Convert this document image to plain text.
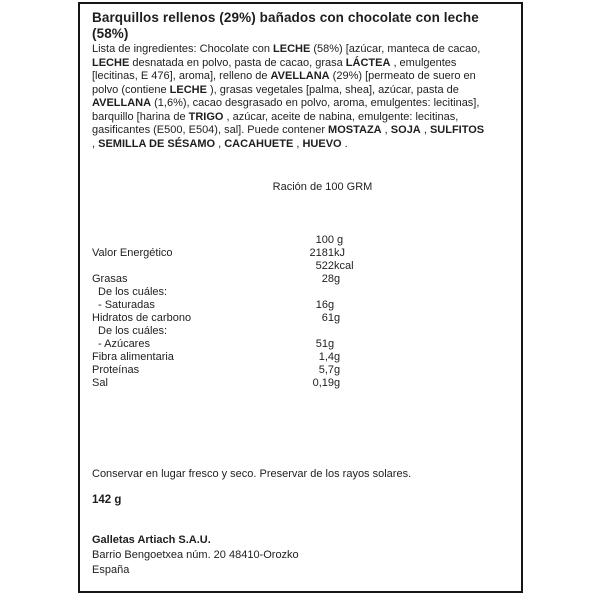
Barquillos rellenos (29%) bañados con chocolate con leche (58%)
Lista de ingredientes: Chocolate con LECHE (58%) [azúcar, manteca de cacao, LECHE desnatada en polvo, pasta de cacao, grasa LÁCTEA , emulgentes [lecitinas, E 476], aroma], relleno de AVELLANA (29%) [permeato de suero en polvo (contiene LECHE ), grasas vegetales [palma, shea], azúcar, pasta de AVELLANA (1,6%), cacao desgrasado en polvo, aroma, emulgentes: lecitinas], barquillo [harina de TRIGO , azúcar, aceite de nabina, emulgente: lecitinas, gasificantes (E500, E504), sal]. Puede contener MOSTAZA , SOJA , SULFITOS , SEMILLA DE SÉSAMO , CACAHUETE , HUEVO .
Ración de 100 GRM
100 g
Valor Energético	2181 kJ
522 kcal
Grasas	28 g
De los cuáles:
- Saturadas	16 g
Hidratos de carbono	61 g
De los cuáles:
- Azúcares	51 g
Fibra alimentaria	1,4 g
Proteínas	5,7 g
Sal	0,19 g
Conservar en lugar fresco y seco. Preservar de los rayos solares.
142 g
Galletas Artiach S.A.U.
Barrio Bengoetxea núm. 20 48410-Orozko
España
